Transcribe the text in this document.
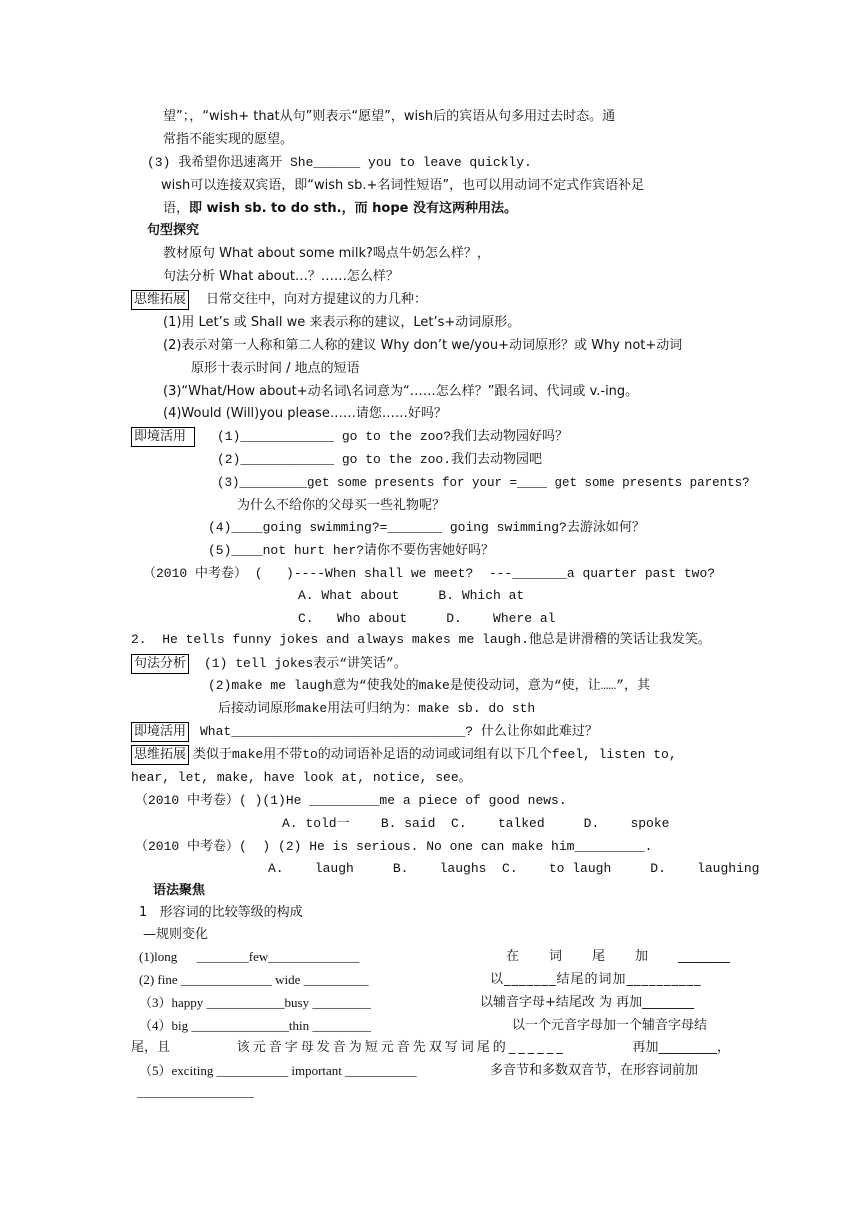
望”；，“wish+ that从句”则表示“愿望”，wish后的宾语从句多用过去时态。通
常指不能实现的愿望。
(3) 我希望你迅速离开 She______ you to leave quickly.
wish可以连接双宾语，即“wish sb.+名词性短语”，也可以用动词不定式作宾语补足
语，即 wish sb. to do sth.，而 hope 没有这两种用法。
句型探究
教材原句 What about some milk?喝点牛奶怎么样？，
句法分析 What about…？……怎么样？
思维拓展 日常交往中，向对方提建议的力几种：
(1)用 Let’s 或 Shall we 来表示称的建议，Let’s+动词原形。
(2)表示对第一人称和第二人称的建议 Why don’t we/you+动词原形？或 Why not+动词
原形十表示时间 / 地点的短语
(3)“What/How about+动名词\名词意为“……怎么样？”跟名词、代词或 v.-ing。
(4)Would (Will)you please……请您……好吗？
即境活用	(1)____________ go to the zoo?我们去动物园好吗？
(2)____________ go to the zoo.我们去动物园吧
(3)_________get some presents for your =____ get some presents parents?
为什么不给你的父母买一些礼物呢？
(4)____going swimming?=_______ going swimming?去游泳如何？
(5)____not hurt her?请你不要伤害她好吗？
（2010 中考卷） (   )----When shall we meet?  ---_______a quarter past two?
A. What about     B. Which at
C.   Who about     D.    Where al
2.  He tells funny jokes and always makes me laugh.他总是讲滑稽的笑话让我发笑。
句法分析 (1) tell jokes表示“讲笑话”。
(2)make me laugh意为“使我处的make是使役动词，意为“使，让……”，其
后接动词原形make用法可归纳为：make sb. do sth
即境活用 What______________________________? 什么让你如此难过？
思维拓展 类似于make用不带to的动词语补足语的动词或词组有以下几个feel, listen to,
hear, let, make, have look at, notice, see。
（2010 中考卷）( )(1)He _________me a piece of good news.
A. told一    B. said  C.    talked     D.    spoke
（2010 中考卷）(  ) (2) He is serious. No one can make him_________.
A.    laugh     B.    laughs  C.    to laugh     D.    laughing
语法聚焦
1   形容词的比较等级的构成
—规则变化
(1)long      ________few______________	在 词 尾 加 ________
(2) fine ______________ wide __________	以_______结尾的词加__________
（3）happy ____________busy _________	以辅音字母+结尾改 为 再加________
（4）big _______________thin _________	以一个元音字母加一个辅音字母结
尾，且	该元音字母发音为短元音先双写词尾的______	再加_________，
（5）exciting ___________ important ___________	多音节和多数双音节，在形容词前加
_______________
